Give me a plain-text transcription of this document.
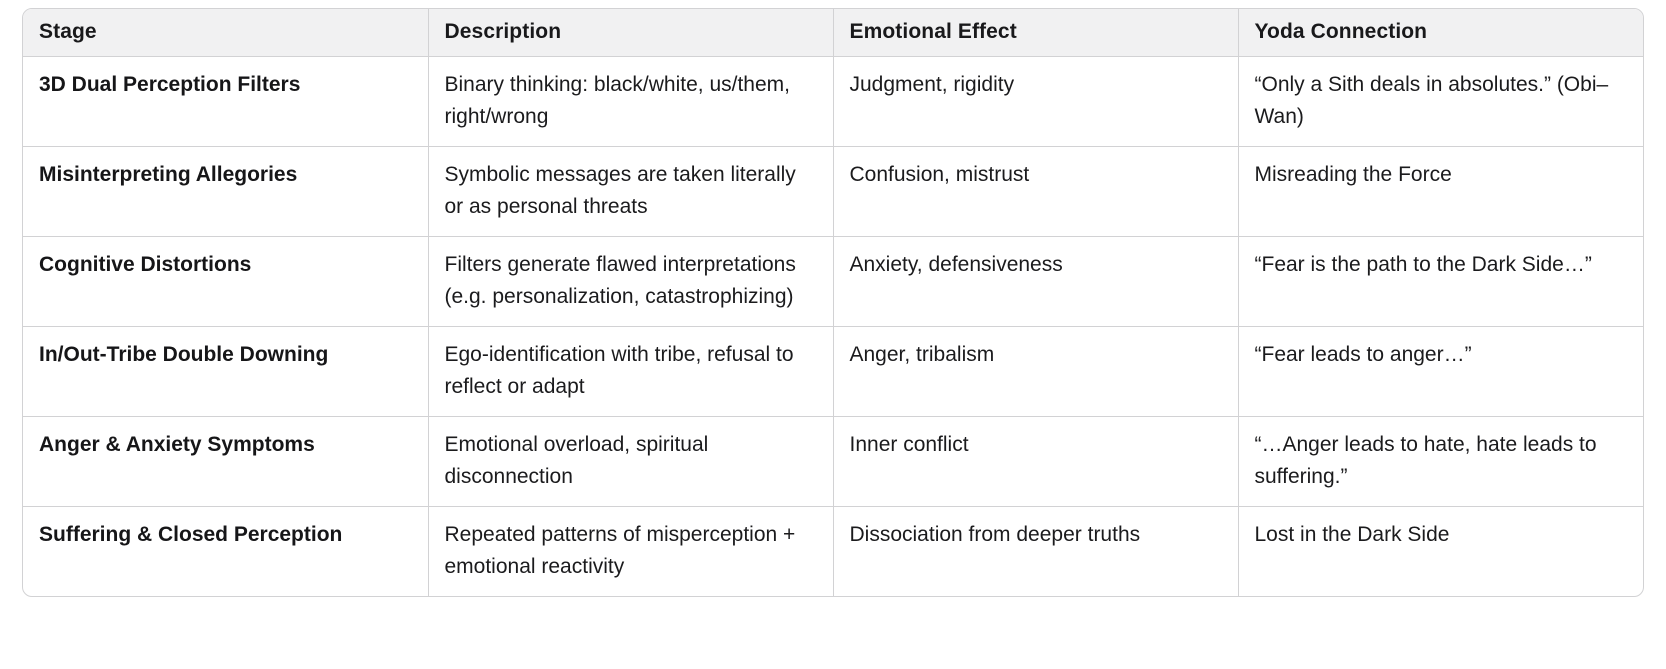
Stage	Description	Emotional Effect	Yoda Connection
3D Dual Perception Filters	Binary thinking: black/white, us/them, right/wrong	Judgment, rigidity	“Only a Sith deals in absolutes.” (Obi–Wan)
Misinterpreting Allegories	Symbolic messages are taken literally or as personal threats	Confusion, mistrust	Misreading the Force
Cognitive Distortions	Filters generate flawed interpretations (e.g. personalization, catastrophizing)	Anxiety, defensiveness	“Fear is the path to the Dark Side…”
In/Out-Tribe Double Downing	Ego-identification with tribe, refusal to reflect or adapt	Anger, tribalism	“Fear leads to anger…”
Anger & Anxiety Symptoms	Emotional overload, spiritual disconnection	Inner conflict	“…Anger leads to hate, hate leads to suffering.”
Suffering & Closed Perception	Repeated patterns of misperception + emotional reactivity	Dissociation from deeper truths	Lost in the Dark Side
